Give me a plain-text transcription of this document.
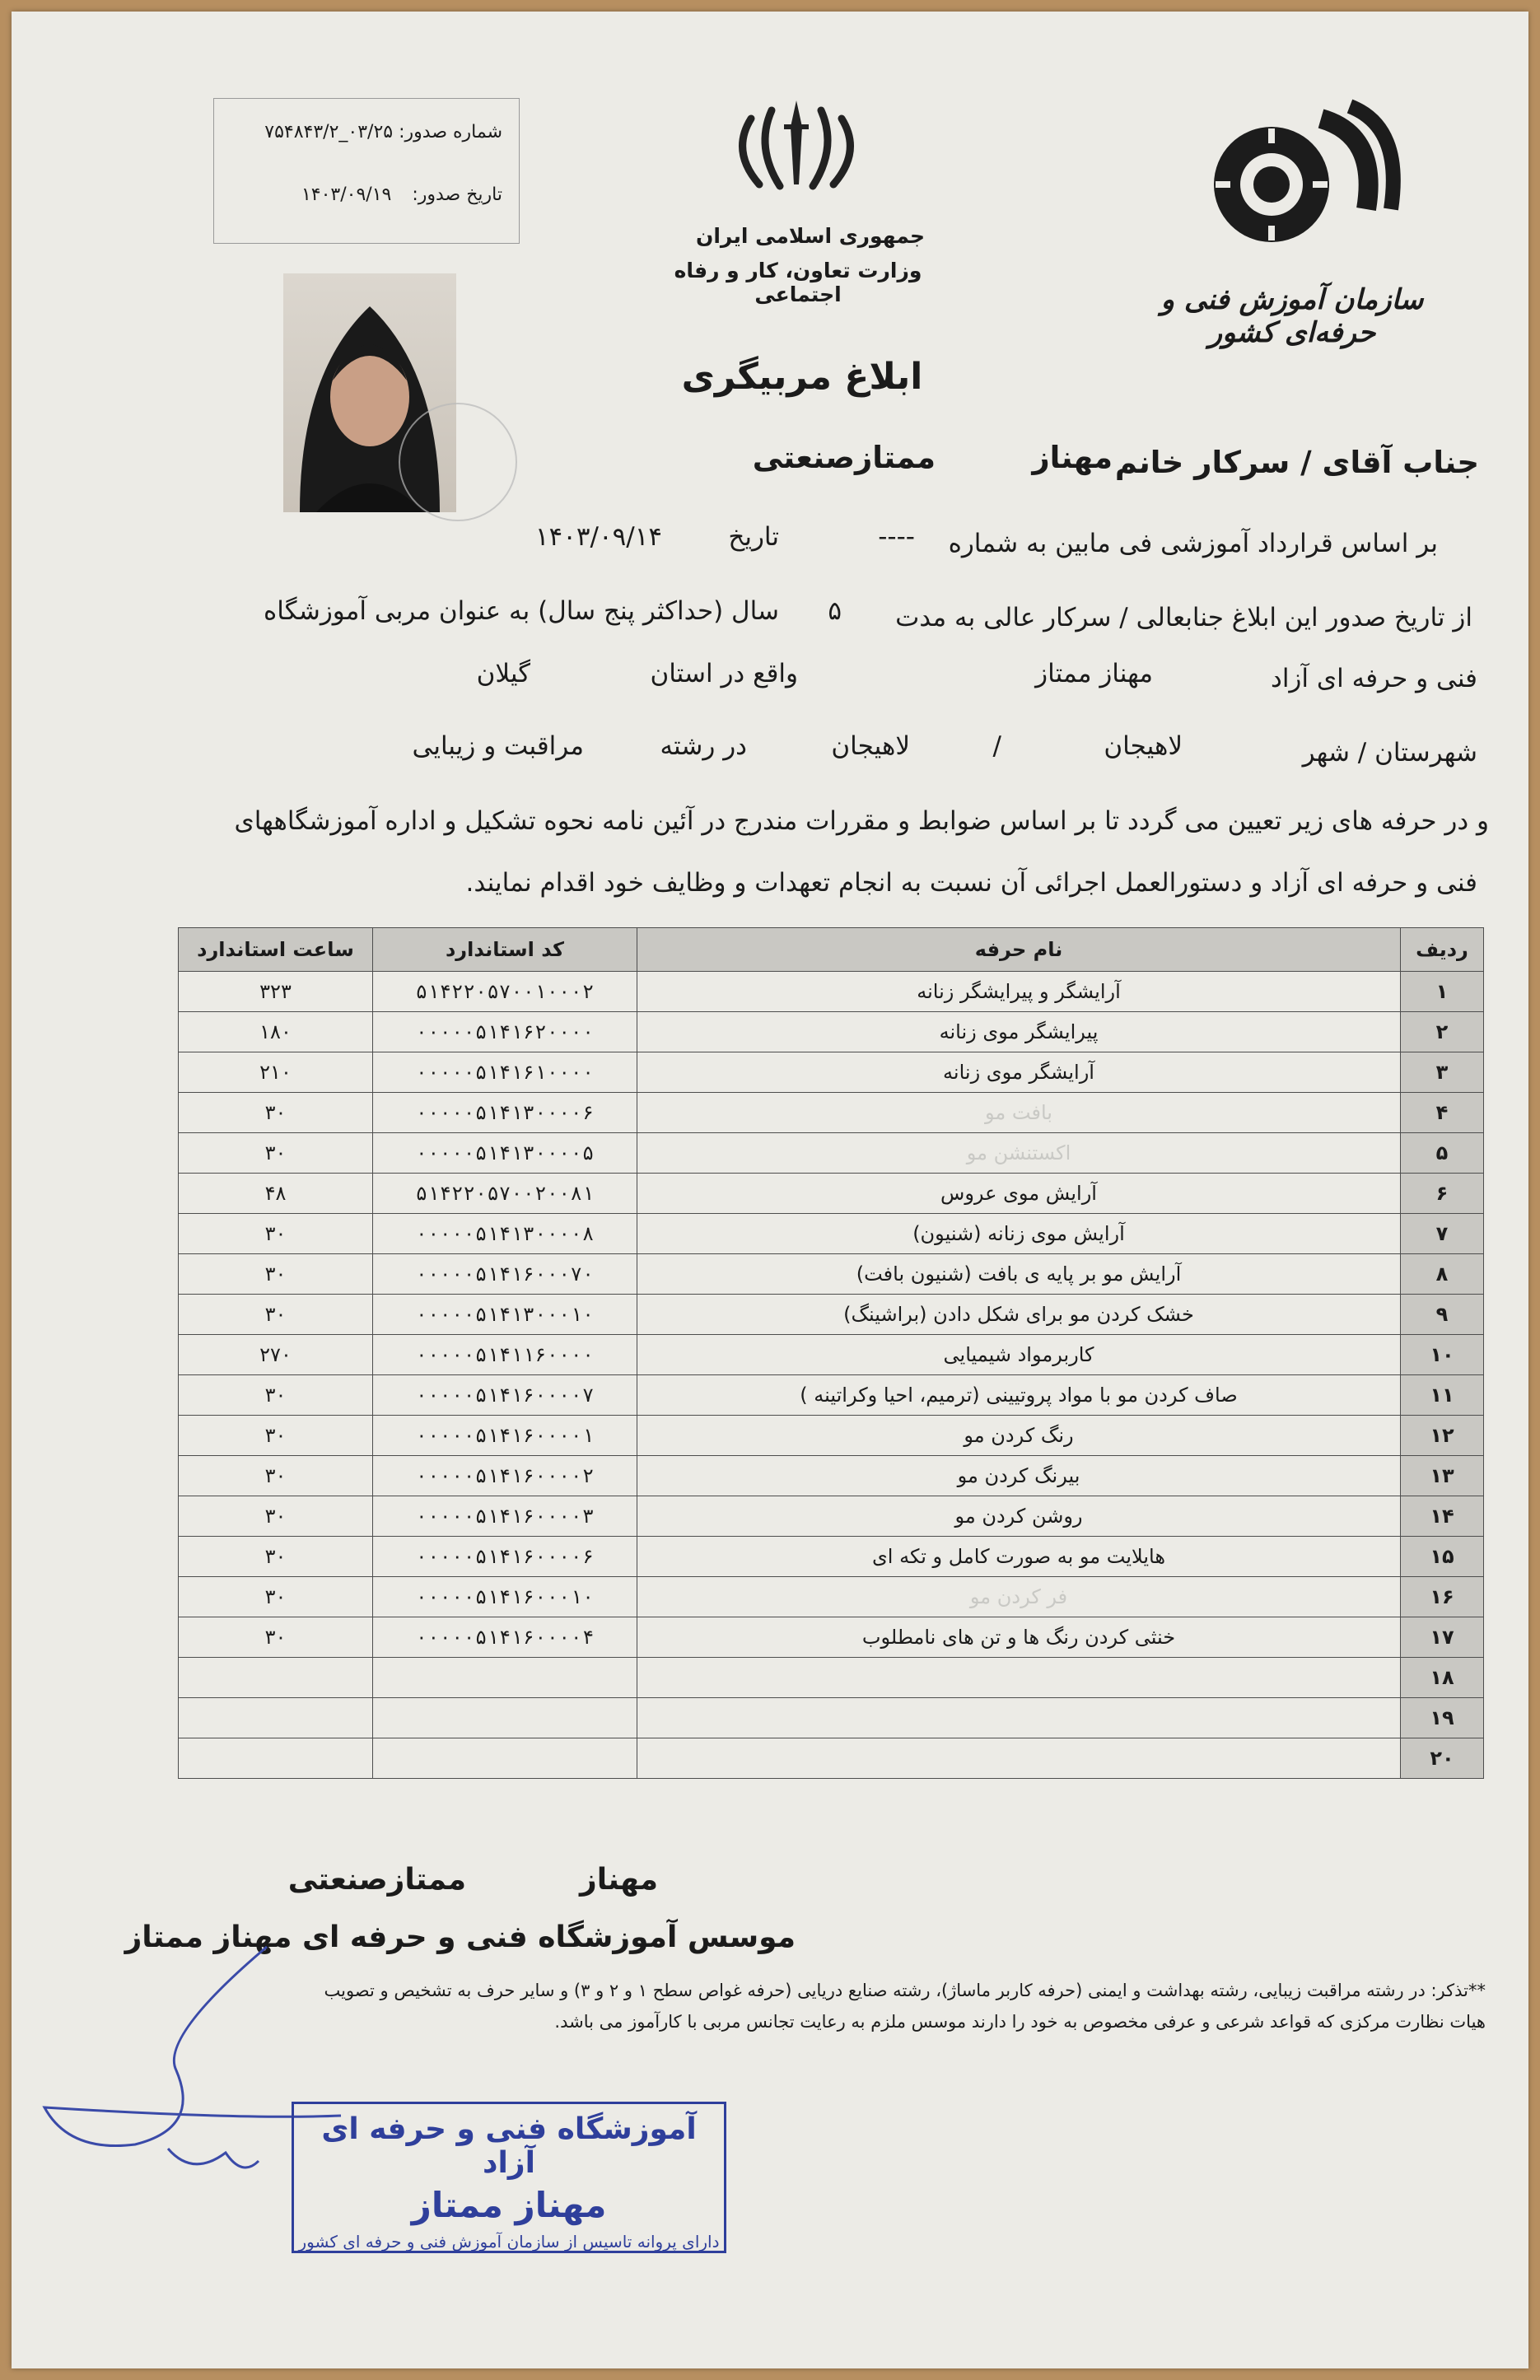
شماره صدور: ۰۳/۲۵_۷۵۴۸۴۳/۲
تاریخ صدور: ۱۴۰۳/۰۹/۱۹
جمهوری اسلامی ایران
وزارت تعاون، کار و رفاه اجتماعی	سازمان آموزش فنی و حرفه‌ای کشور
ابلاغ مربیگری
جناب آقای / سرکار خانم
مهناز
ممتازصنعتی
بر اساس قرارداد آموزشی فی مابین به شماره
----
تاریخ
۱۴۰۳/۰۹/۱۴
از تاریخ صدور این ابلاغ جنابعالی / سرکار عالی به مدت
۵
سال (حداکثر پنج سال) به عنوان مربی آموزشگاه
فنی و حرفه ای آزاد
مهناز ممتاز
واقع در استان
گیلان
شهرستان / شهر
لاهیجان
/
لاهیجان
در رشته
مراقبت و زیبایی
و در حرفه های زیر تعیین می گردد تا بر اساس ضوابط و مقررات مندرج در آئین نامه نحوه تشکیل و اداره آموزشگاههای
فنی و حرفه ای آزاد و دستورالعمل اجرائی آن نسبت به انجام تعهدات و وظایف خود اقدام نمایند.
ردیف	نام حرفه	کد استاندارد	ساعت استاندارد
۱	آرایشگر و پیرایشگر زنانه	۵۱۴۲۲۰۵۷۰۰۱۰۰۰۲	۳۲۳
۲	پیرایشگر موی زنانه	۰۰۰۰۰۵۱۴۱۶۲۰۰۰۰	۱۸۰
۳	آرایشگر موی زنانه	۰۰۰۰۰۵۱۴۱۶۱۰۰۰۰	۲۱۰
۴	بافت مو	۰۰۰۰۰۵۱۴۱۳۰۰۰۰۶	۳۰
۵	اکستنشن مو	۰۰۰۰۰۵۱۴۱۳۰۰۰۰۵	۳۰
۶	آرایش موی عروس	۵۱۴۲۲۰۵۷۰۰۲۰۰۸۱	۴۸
۷	آرایش موی زنانه (شنیون)	۰۰۰۰۰۵۱۴۱۳۰۰۰۰۸	۳۰
۸	آرایش مو بر پایه ی بافت (شنیون بافت)	۰۰۰۰۰۵۱۴۱۶۰۰۰۷۰	۳۰
۹	خشک کردن مو برای شکل دادن (براشینگ)	۰۰۰۰۰۵۱۴۱۳۰۰۰۱۰	۳۰
۱۰	کاربرمواد شیمیایی	۰۰۰۰۰۵۱۴۱۱۶۰۰۰۰	۲۷۰
۱۱	صاف کردن مو با مواد پروتیینی (ترمیم، احیا وکراتینه )	۰۰۰۰۰۵۱۴۱۶۰۰۰۰۷	۳۰
۱۲	رنگ کردن مو	۰۰۰۰۰۵۱۴۱۶۰۰۰۰۱	۳۰
۱۳	بیرنگ کردن مو	۰۰۰۰۰۵۱۴۱۶۰۰۰۰۲	۳۰
۱۴	روشن کردن مو	۰۰۰۰۰۵۱۴۱۶۰۰۰۰۳	۳۰
۱۵	هایلایت مو به صورت کامل و تکه ای	۰۰۰۰۰۵۱۴۱۶۰۰۰۰۶	۳۰
۱۶	فر کردن مو	۰۰۰۰۰۵۱۴۱۶۰۰۰۱۰	۳۰
۱۷	خنثی کردن رنگ ها و تن های نامطلوب	۰۰۰۰۰۵۱۴۱۶۰۰۰۰۴	۳۰
۱۸			
۱۹			
۲۰			
مهناز
ممتازصنعتی
موسس آموزشگاه فنی و حرفه ای مهناز ممتاز
**تذکر: در رشته مراقبت زیبایی، رشته بهداشت و ایمنی (حرفه کاربر ماساژ)، رشته صنایع دریایی (حرفه غواص سطح ۱ و ۲ و ۳) و سایر حرف به تشخیص و تصویب هیات نظارت مرکزی که قواعد شرعی و عرفی مخصوص به خود را دارند موسس ملزم به رعایت تجانس مربی با کارآموز می باشد.
آموزشگاه فنی و حرفه ای آزاد
مهناز ممتاز
دارای پروانه تاسیس از سازمان آموزش فنی و حرفه ای کشور
